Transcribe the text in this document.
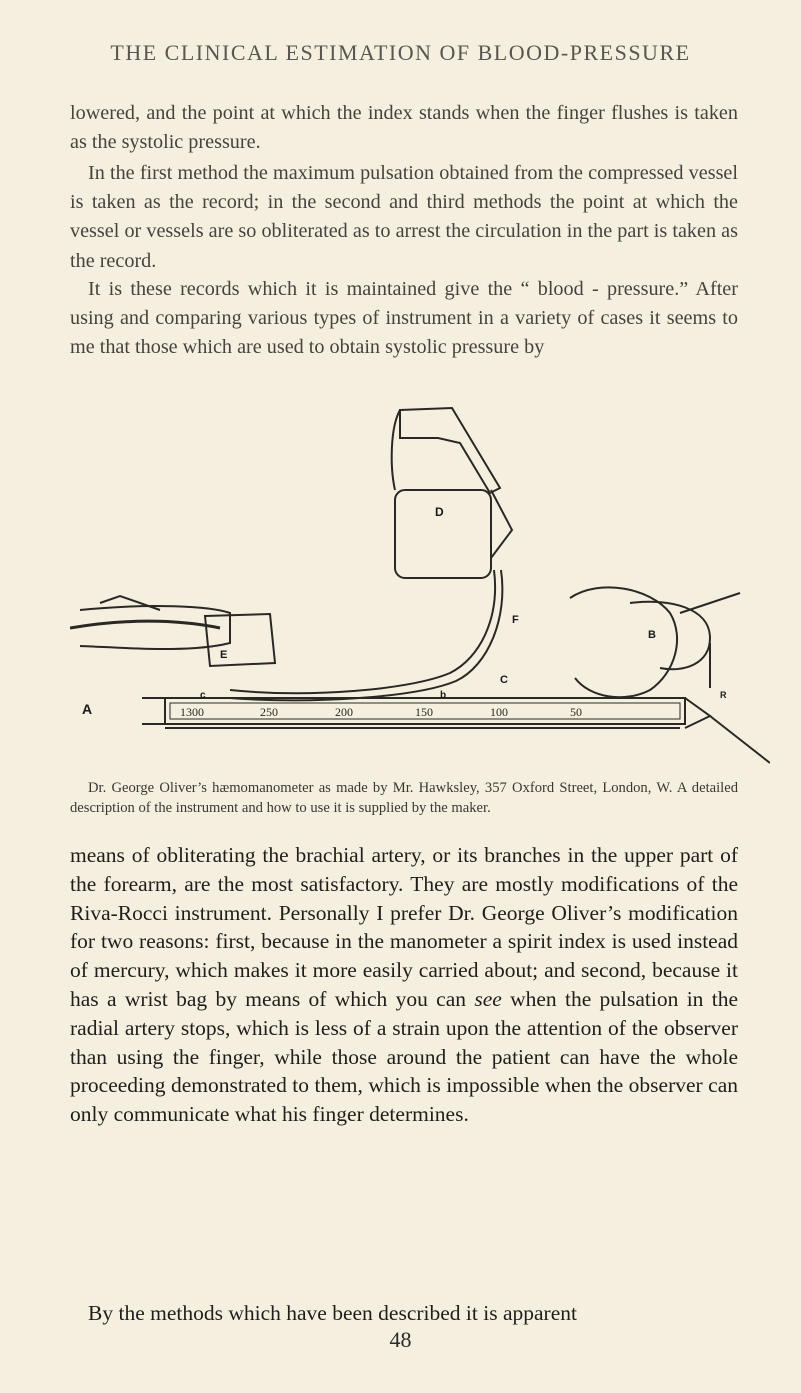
THE CLINICAL ESTIMATION OF BLOOD-PRESSURE

lowered, and the point at which the index stands when the finger flushes is taken as the systolic pressure.

In the first method the maximum pulsation obtained from the compressed vessel is taken as the record; in the second and third methods the point at which the vessel or vessels are so obliterated as to arrest the circulation in the part is taken as the record.

It is these records which it is maintained give the “ blood - pressure.” After using and comparing various types of instrument in a variety of cases it seems to me that those which are used to obtain systolic pressure by

1300	250	200	150	100	50
A
B
C
D
E
F
b
c	R

Dr. George Oliver’s hæmomanometer as made by Mr. Hawksley, 357 Oxford Street, London, W. A detailed description of the instrument and how to use it is supplied by the maker.

means of obliterating the brachial artery, or its branches in the upper part of the forearm, are the most satisfactory. They are mostly modifications of the Riva-Rocci instrument. Personally I prefer Dr. George Oliver’s modification for two reasons: first, because in the manometer a spirit index is used instead of mercury, which makes it more easily carried about; and second, because it has a wrist bag by means of which you can see when the pulsation in the radial artery stops, which is less of a strain upon the attention of the observer than using the finger, while those around the patient can have the whole proceeding demonstrated to them, which is impossible when the observer can only communicate what his finger determines.

By the methods which have been described it is apparent

48
